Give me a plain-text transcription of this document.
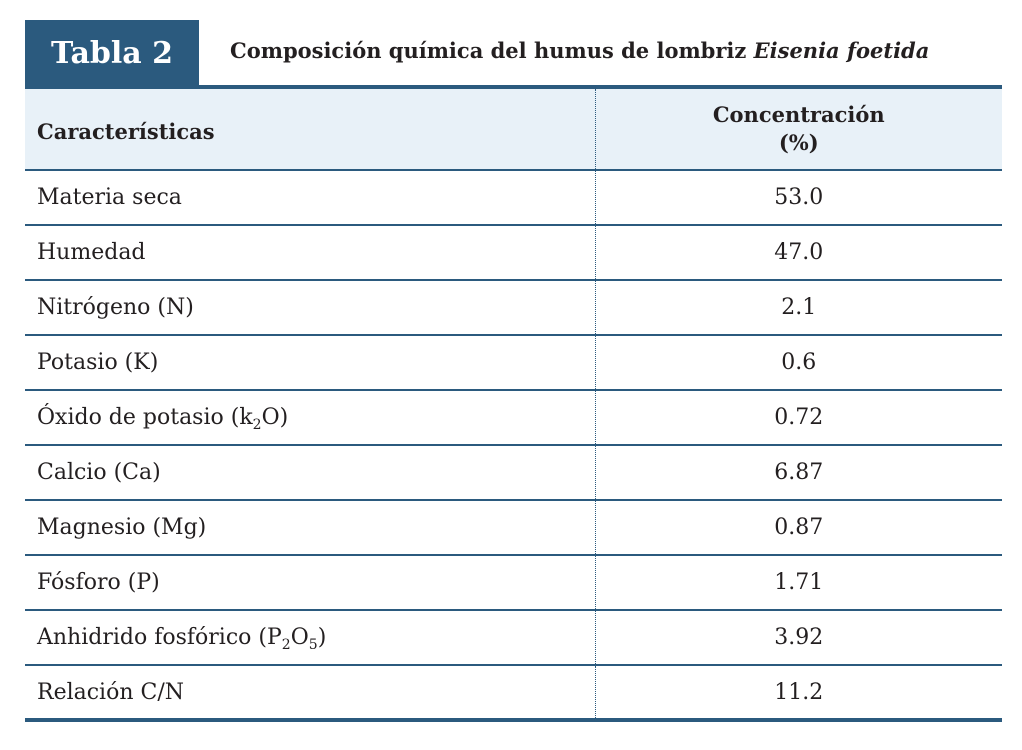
Tabla 2	Composición química del humus de lombriz Eisenia foetida
Características	Concentración
(%)
Materia seca	53.0
Humedad	47.0
Nitrógeno (N)	2.1
Potasio (K)	0.6
Óxido de potasio $(k_2O)$	0.72
Calcio (Ca)	6.87
Magnesio (Mg)	0.87
Fósforo (P)	1.71
Anhidrido fosfórico $(P_2O_5)$	3.92
Relación C/N	11.2
